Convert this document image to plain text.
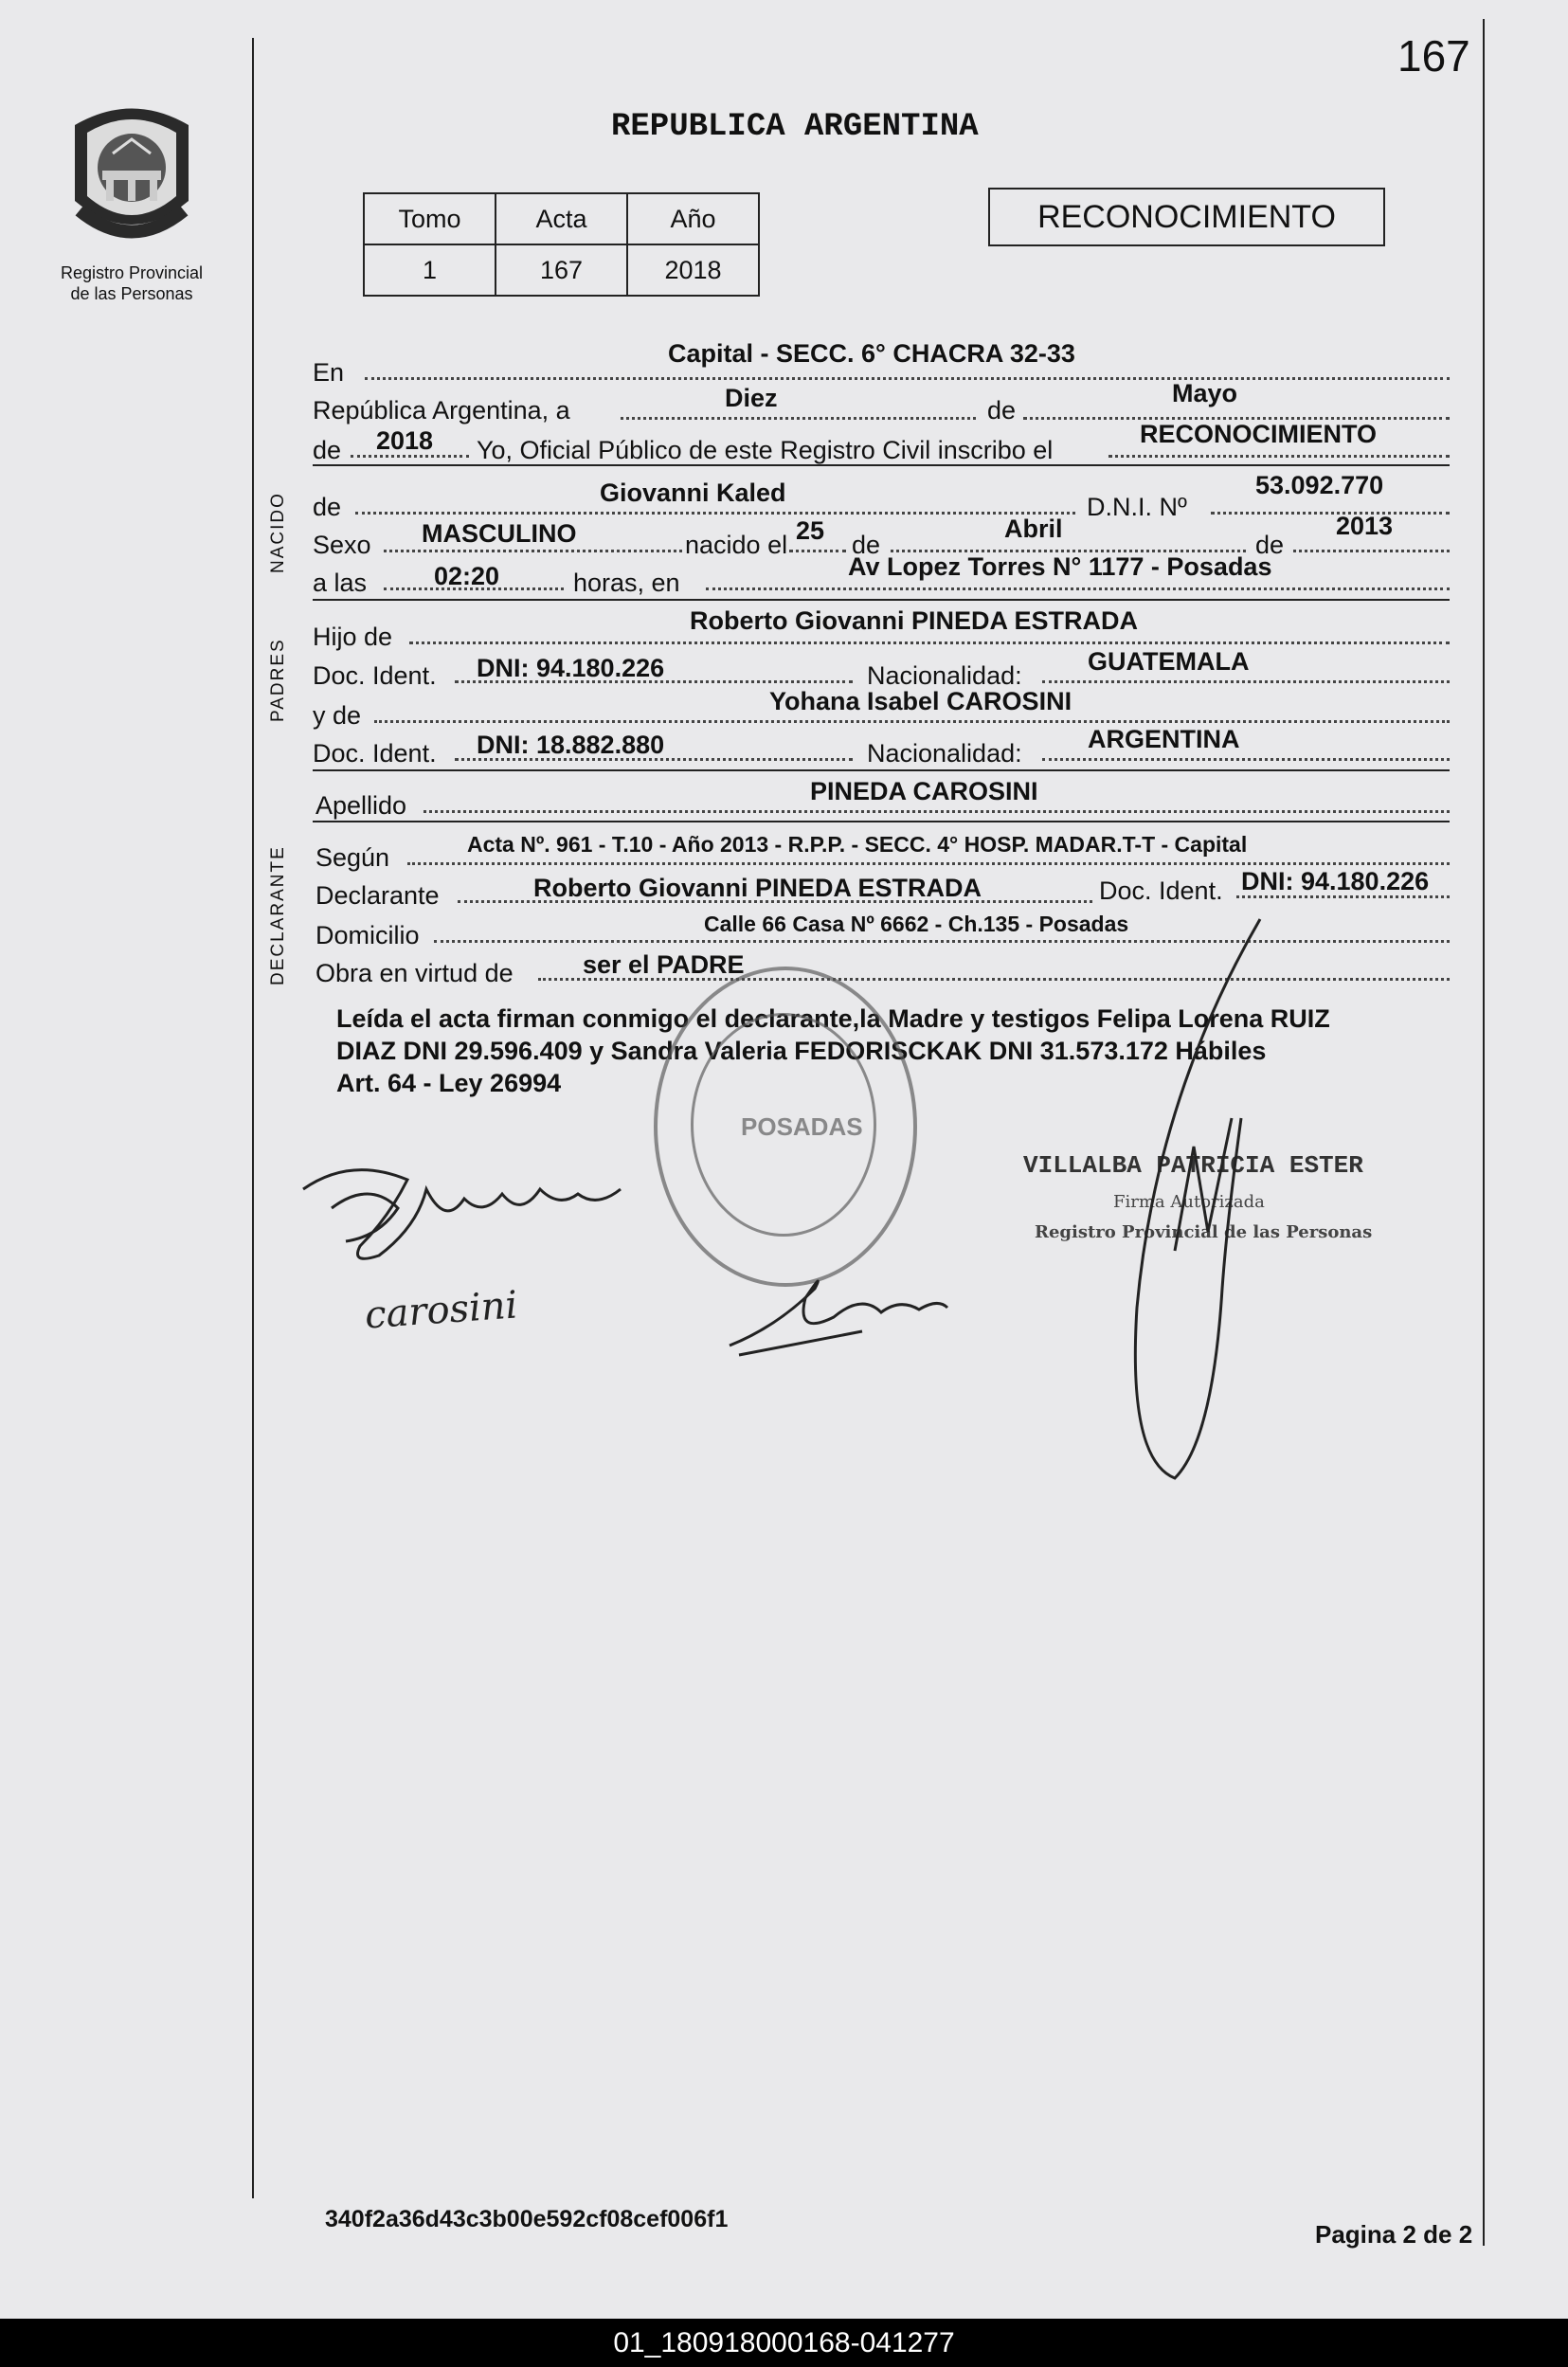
167
Registro Provincial
de las Personas
REPUBLICA ARGENTINA
Tomo	Acta	Año
1	167	2018
RECONOCIMIENTO
NACIDO
PADRES
DECLARANTE
En
Capital - SECC. 6° CHACRA 32-33
República Argentina, a	Diez	de
Mayo
de 2018 Yo, Oficial Público de este Registro Civil inscribo el
RECONOCIMIENTO
de	Giovanni Kaled	D.N.I. Nº
53.092.770
Sexo MASCULINO	nacido el 25 de
Abril
de
2013
a las	02:20	horas, en
Av Lopez Torres N° 1177 - Posadas
Hijo de
Roberto Giovanni PINEDA ESTRADA
Doc. Ident. DNI: 94.180.226	Nacionalidad:	GUATEMALA
y de	Yohana Isabel CAROSINI
Doc. Ident. DNI: 18.882.880	Nacionalidad:	ARGENTINA
Apellido	PINEDA CAROSINI
Según	Acta Nº. 961 - T.10 - Año 2013 - R.P.P. - SECC. 4° HOSP. MADAR.T-T - Capital
Declarante	Roberto Giovanni PINEDA ESTRADA	Doc. Ident. DNI: 94.180.226
Domicilio	Calle 66 Casa Nº 6662 - Ch.135 - Posadas
Obra en virtud de	ser el PADRE
Leída el acta firman conmigo el declarante,la Madre y testigos Felipa Lorena RUIZ
DIAZ DNI 29.596.409 y Sandra Valeria FEDORISCKAK DNI 31.573.172 Hábiles
Art. 64 - Ley 26994
POSADAS
VILLALBA PATRICIA ESTER
Firma Autorizada
Registro Provincial de las Personas
carosini
340f2a36d43c3b00e592cf08cef006f1
Pagina 2 de 2
01_180918000168-041277
